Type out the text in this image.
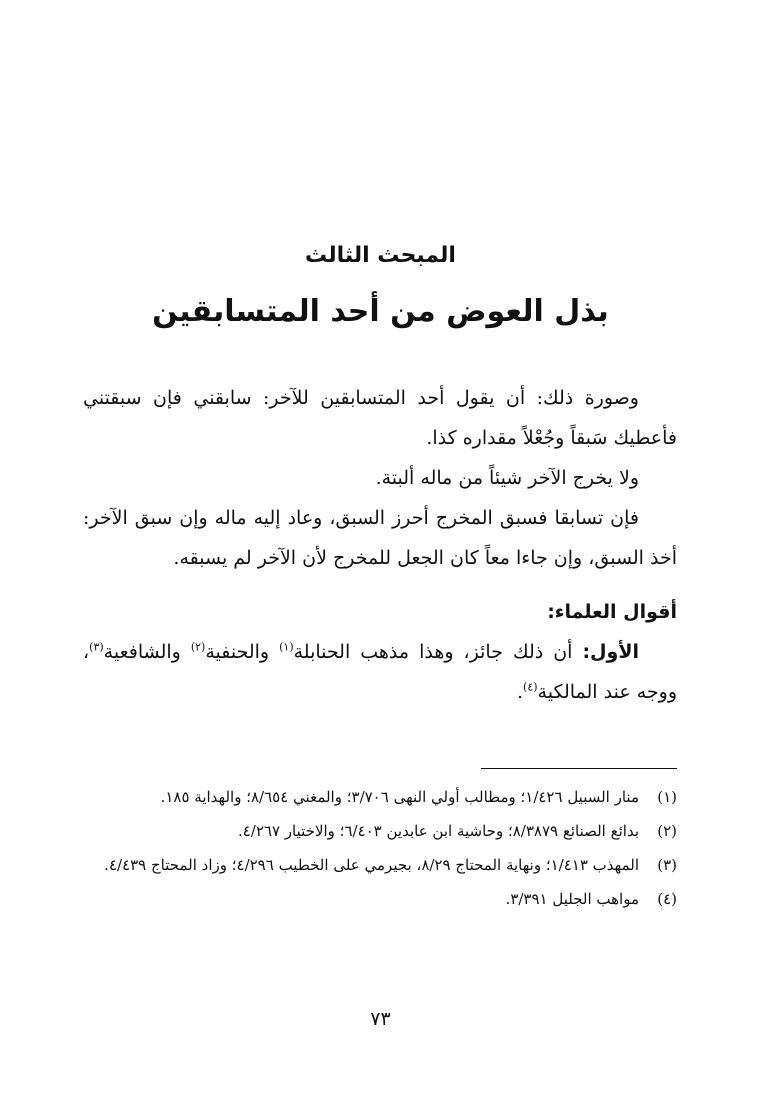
المبحث الثالث
بذل العوض من أحد المتسابقين

وصورة ذلك: أن يقول أحد المتسابقين للآخر: سابقني فإن سبقتني فأعطيك سَبقاً وجُعْلاً مقداره كذا.

ولا يخرج الآخر شيئاً من ماله ألبتة.

فإن تسابقا فسبق المخرج أحرز السبق، وعاد إليه ماله وإن سبق الآخر: أخذ السبق، وإن جاءا معاً كان الجعل للمخرج لأن الآخر لم يسبقه.

أقوال العلماء:

الأول: أن ذلك جائز، وهذا مذهب الحنابلة$^{(١)}$ والحنفية$^{(٢)}$ والشافعية$^{(٣)}$، ووجه عند المالكية$^{(٤)}$.

(١)
منار السبيل ١/٤٢٦؛ ومطالب أولي النهى ٣/٧٠٦؛ والمغني ٨/٦٥٤؛ والهداية ١٨٥.
(٢)
بدائع الصنائع ٨/٣٨٧٩؛ وحاشية ابن عابدين ٦/٤٠٣؛ والاختيار ٤/٢٦٧.
(٣)
المهذب ١/٤١٣؛ ونهاية المحتاج ٨/٢٩، بجيرمي على الخطيب ٤/٢٩٦؛ وزاد المحتاج ٤/٤٣٩.
(٤)
مواهب الجليل ٣/٣٩١.
٧٣
